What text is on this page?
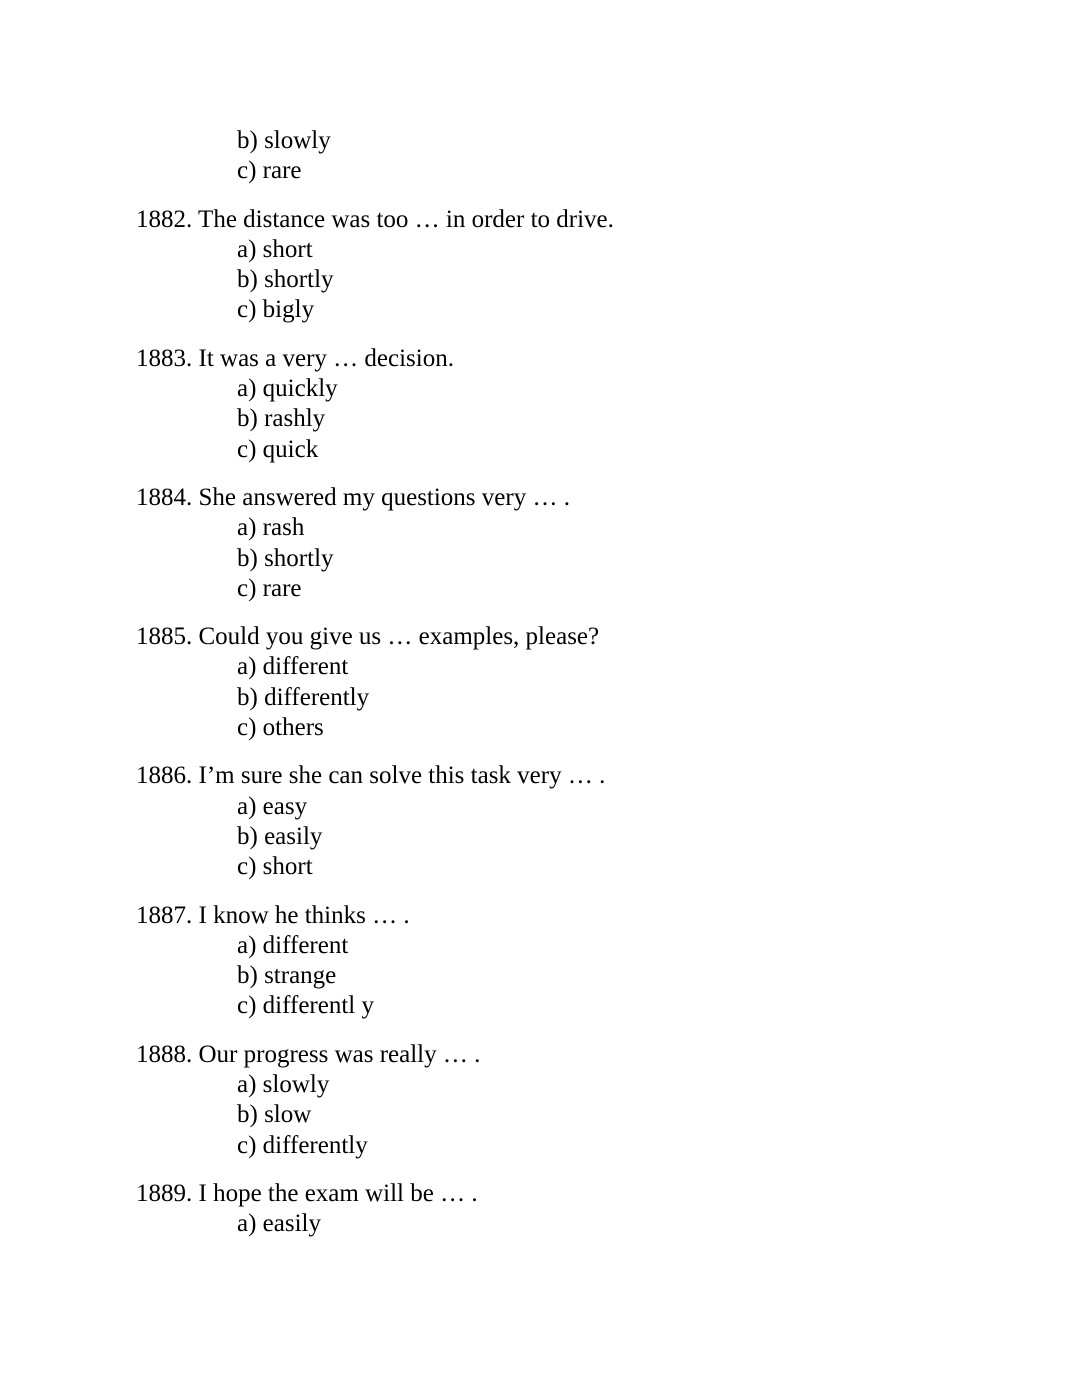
b) slowly
c) rare
1882. The distance was too … in order to drive.
a) short
b) shortly
c) bigly
1883. It was a very … decision.
a) quickly
b) rashly
c) quick
1884. She answered my questions very … .
a) rash
b) shortly
c) rare
1885. Could you give us … examples, please?
a) different
b) differently
c) others
1886. I’m sure she can solve this task very … .
a) easy
b) easily
c) short
1887. I know he thinks … .
a) different
b) strange
c) differentl y
1888. Our progress was really … .
a) slowly
b) slow
c) differently
1889. I hope the exam will be … .
a) easily
